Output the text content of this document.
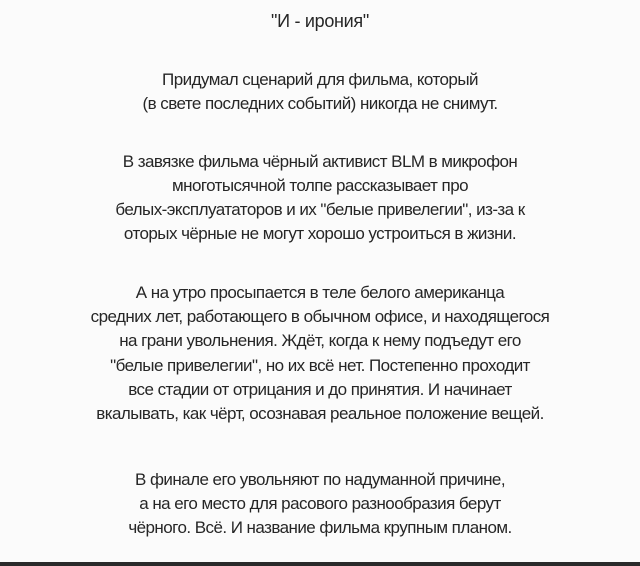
"И - ирония"
Придумал сценарий для фильма, который
(в свете последних событий) никогда не снимут.
В завязке фильма чёрный активист BLM в микрофон
многотысячной толпе рассказывает про
белых-эксплуататоров и их "белые привелегии", из-за к
оторых чёрные не могут хорошо устроиться в жизни.
А на утро просыпается в теле белого американца
средних лет, работающего в обычном офисе, и находящегося
на грани увольнения. Ждёт, когда к нему подъедут его
"белые привелегии", но их всё нет. Постепенно проходит
все стадии от отрицания и до принятия. И начинает
вкалывать, как чёрт, осознавая реальное положение вещей.
В финале его увольняют по надуманной причине,
а на его место для расового разнообразия берут
чёрного. Всё. И название фильма крупным планом.
